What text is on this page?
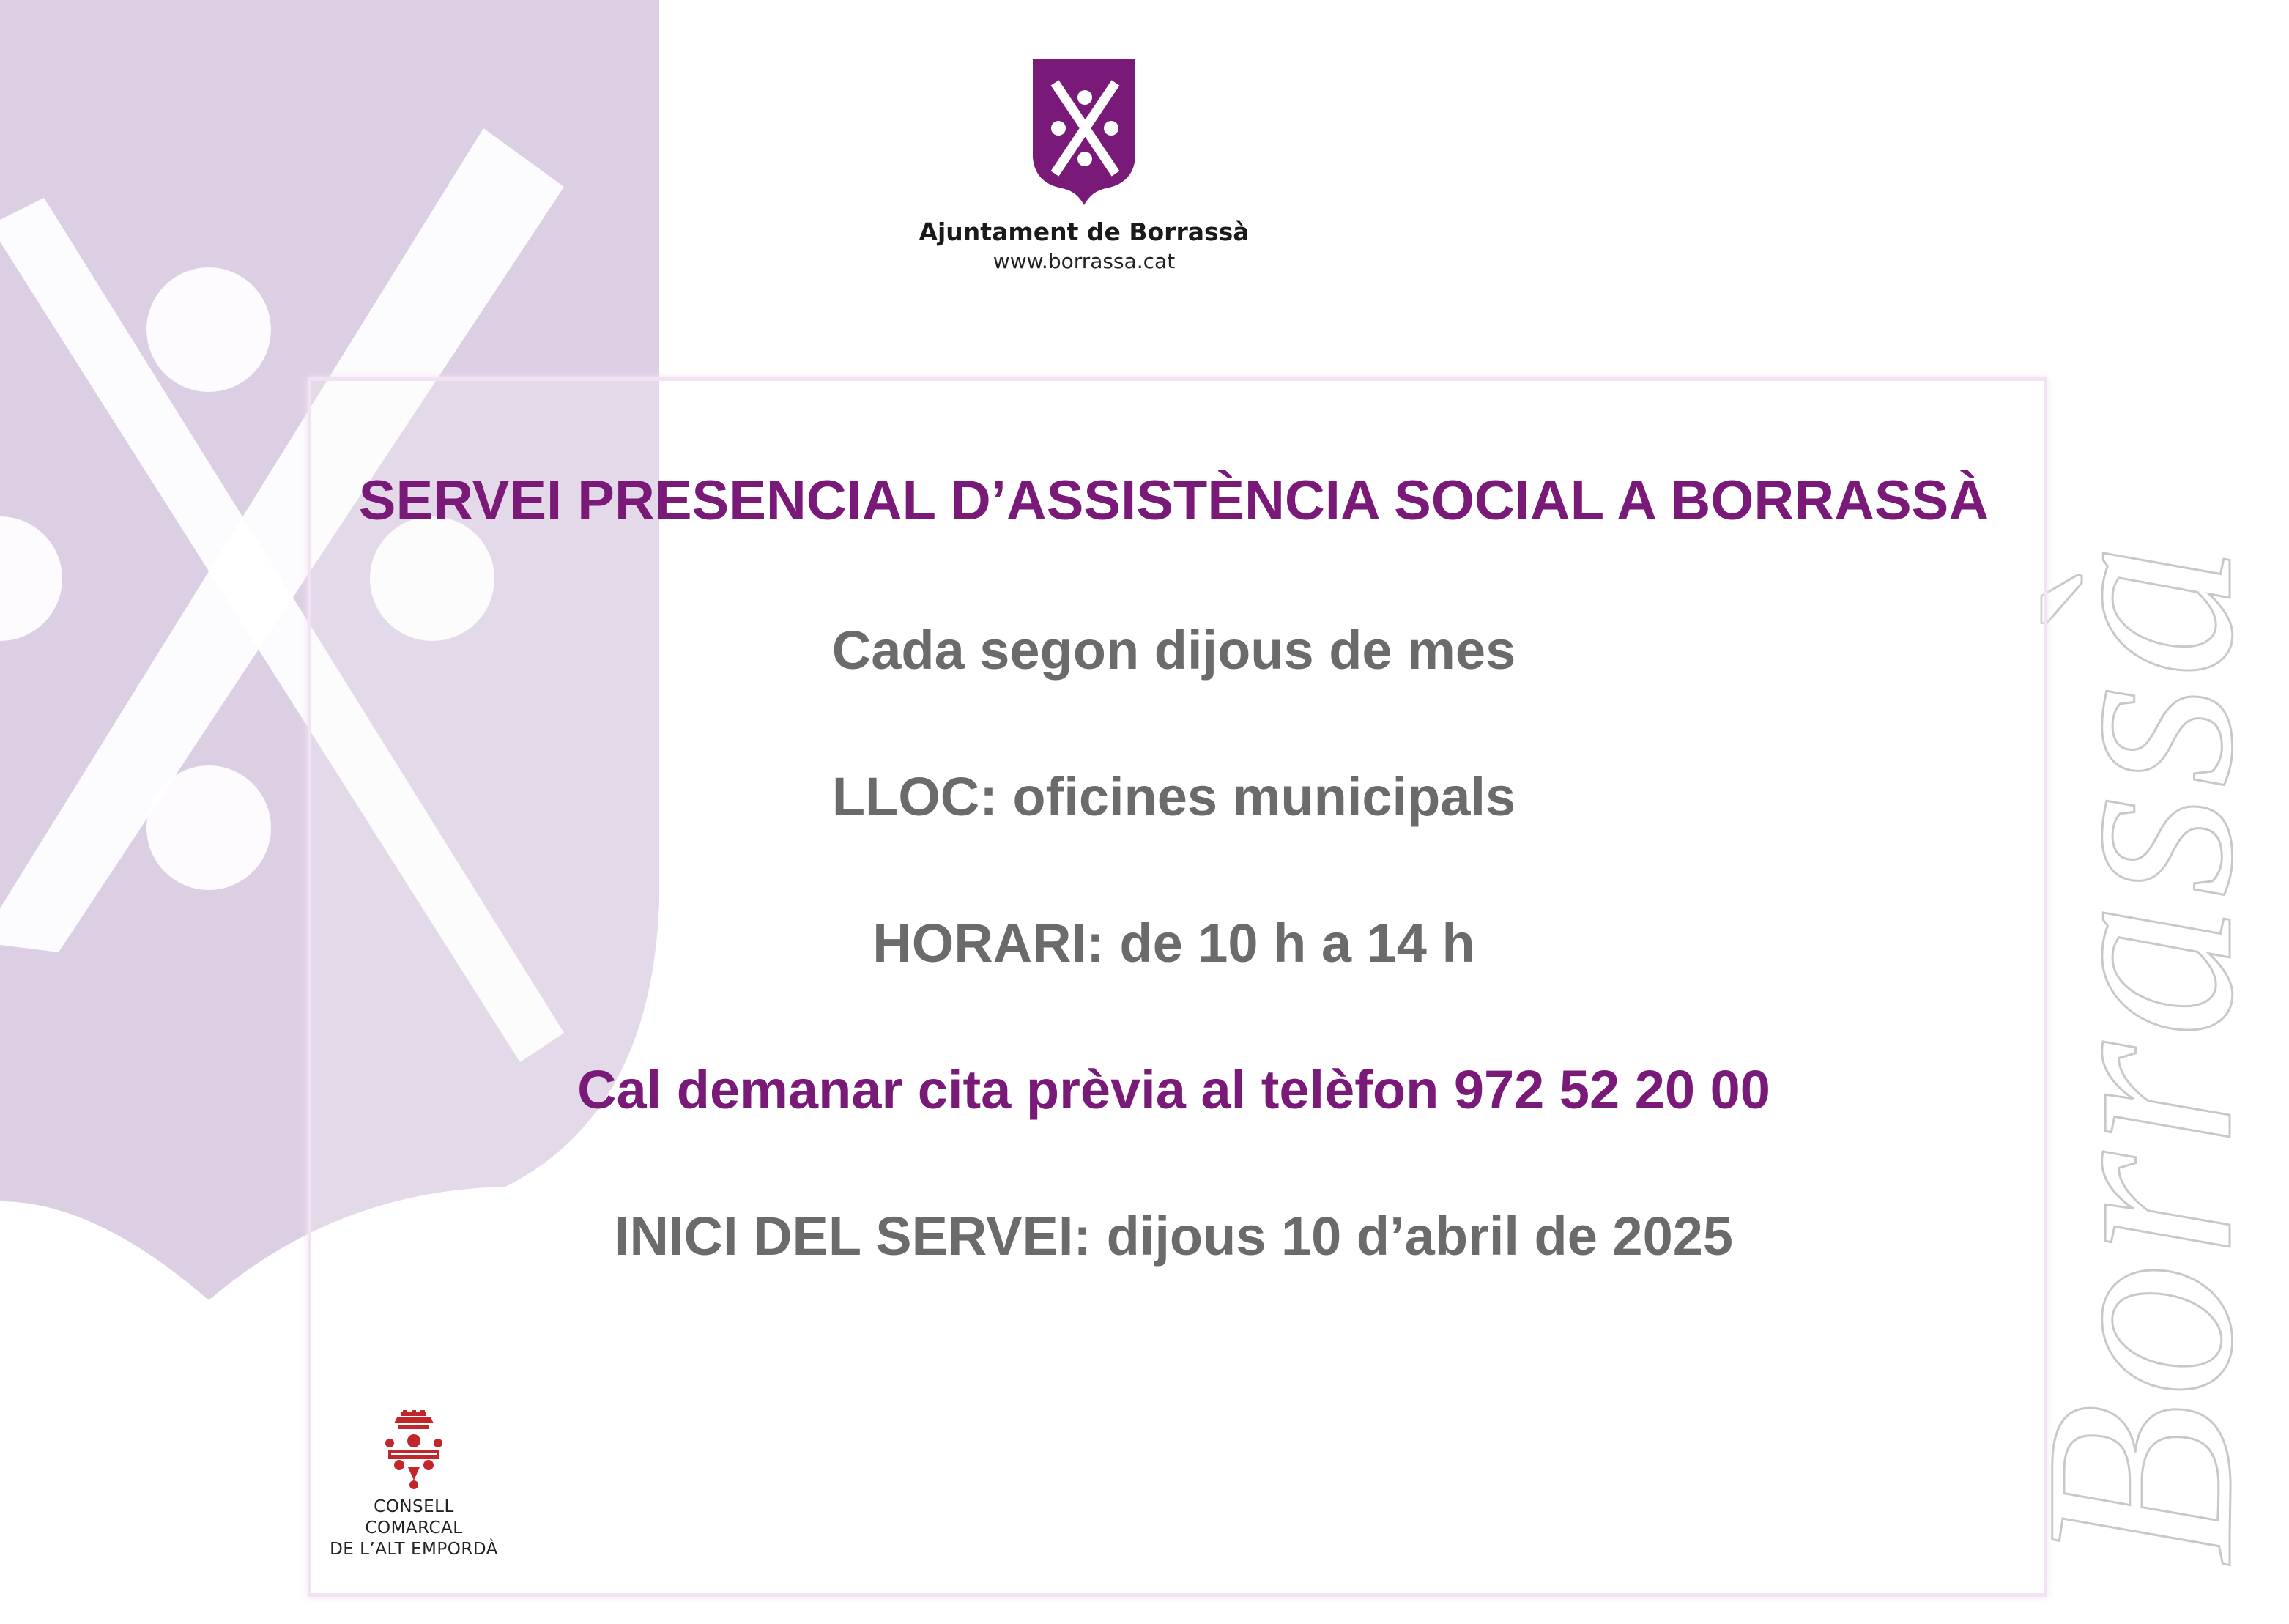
Borrassà
Ajuntament de Borrassà
www.borrassa.cat
SERVEI PRESENCIAL D’ASSISTÈNCIA SOCIAL A BORRASSÀ
Cada segon dijous de mes
LLOC: oficines municipals
HORARI: de 10 h a 14 h
Cal demanar cita prèvia al telèfon 972 52 20 00
INICI DEL SERVEI: dijous 10 d’abril de 2025
CONSELL COMARCAL
DE L’ALT EMPORDÀ
